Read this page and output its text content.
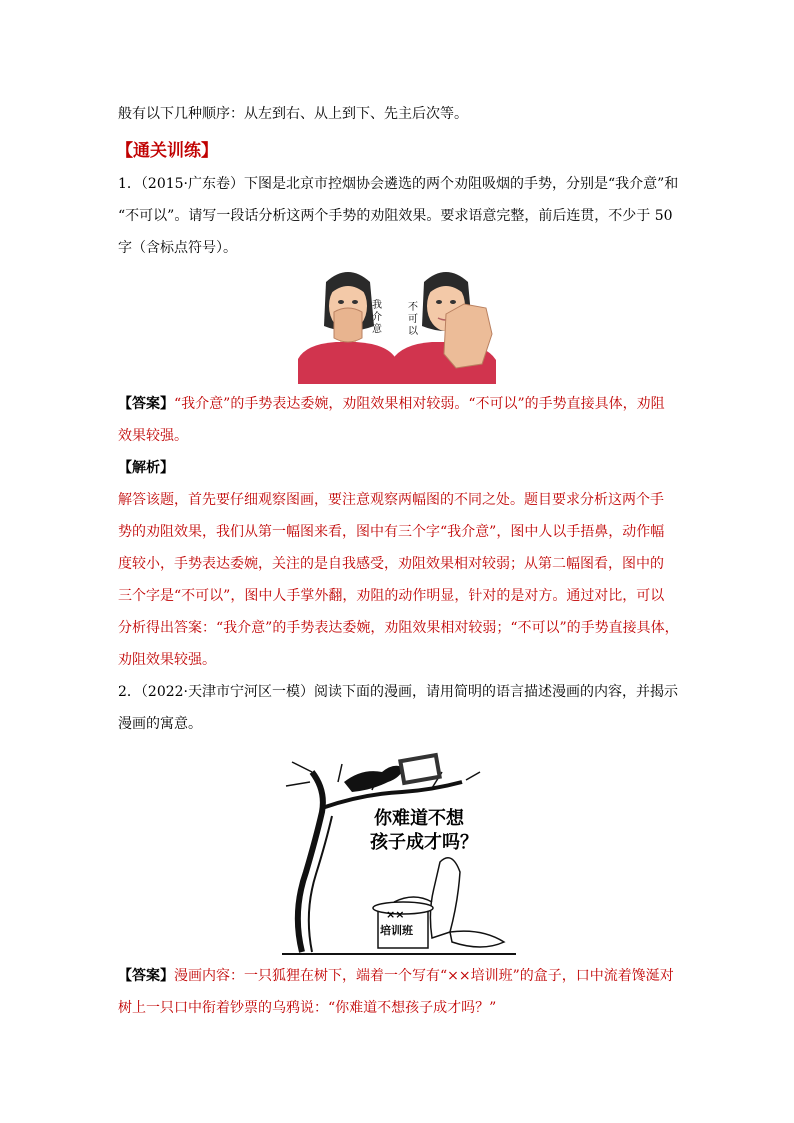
般有以下几种顺序：从左到右、从上到下、先主后次等。
【通关训练】
1．（2015·广东卷）下图是北京市控烟协会遴选的两个劝阻吸烟的手势，分别是“我介意”和
“不可以”。请写一段话分析这两个手势的劝阻效果。要求语意完整，前后连贯，不少于 50
字（含标点符号）。
我介意
不可以
【答案】“我介意”的手势表达委婉，劝阻效果相对较弱。“不可以”的手势直接具体，劝阻
效果较强。
【解析】
解答该题，首先要仔细观察图画，要注意观察两幅图的不同之处。题目要求分析这两个手
势的劝阻效果，我们从第一幅图来看，图中有三个字“我介意”，图中人以手捂鼻，动作幅
度较小，手势表达委婉，关注的是自我感受，劝阻效果相对较弱；从第二幅图看，图中的
三个字是“不可以”，图中人手掌外翻，劝阻的动作明显，针对的是对方。通过对比，可以
分析得出答案：“我介意”的手势表达委婉，劝阻效果相对较弱；“不可以”的手势直接具体，
劝阻效果较强。
2．（2022·天津市宁河区一模）阅读下面的漫画，请用简明的语言描述漫画的内容，并揭示
漫画的寓意。
你难道不想
孩子成才吗？
××
培训班
【答案】漫画内容：一只狐狸在树下，端着一个写有“××培训班”的盒子，口中流着馋涎对
树上一只口中衔着钞票的乌鸦说：“你难道不想孩子成才吗？”
